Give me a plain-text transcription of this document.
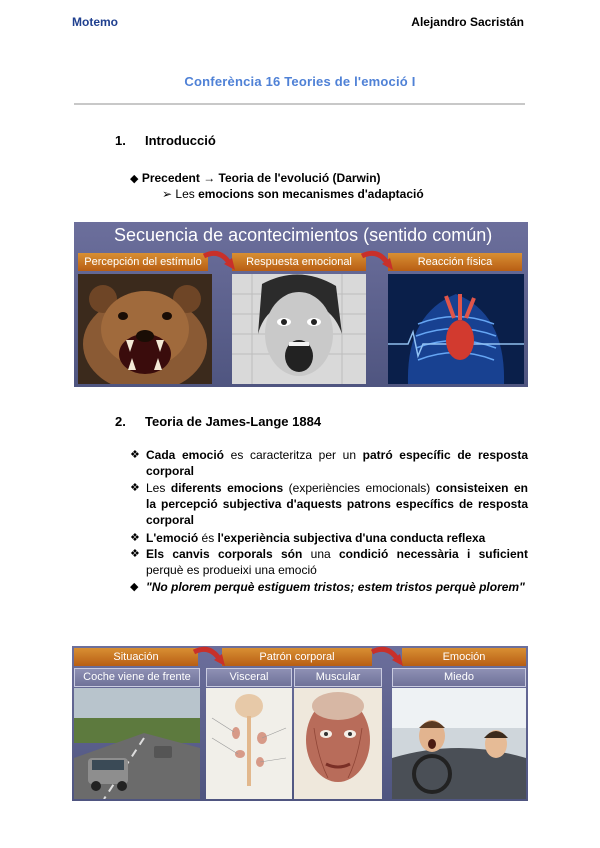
Motemo	Alejandro Sacristán
Conferència 16 Teories de l'emoció I
1. Introducció
◆ Precedent → Teoria de l'evolució (Darwin)
➢ Les emocions son mecanismes d'adaptació
Secuencia de acontecimientos (sentido común)
Percepción del estímulo	Respuesta emocional	Reacción física
2. Teoria de James-Lange 1884
❖ Cada emoció es caracteritza per un patró específic de resposta corporal
❖ Les diferents emocions (experiències emocionals) consisteixen en la percepció subjectiva d'aquests patrons específics de resposta corporal
❖ L'emoció és l'experiència subjectiva d'una conducta reflexa
❖ Els canvis corporals són una condició necessària i suficient perquè es produeixi una emoció
◆ "No plorem perquè estiguem tristos; estem tristos perquè plorem"
Situación	Patrón corporal	Emoción
Coche viene de frente	Visceral	Muscular	Miedo
